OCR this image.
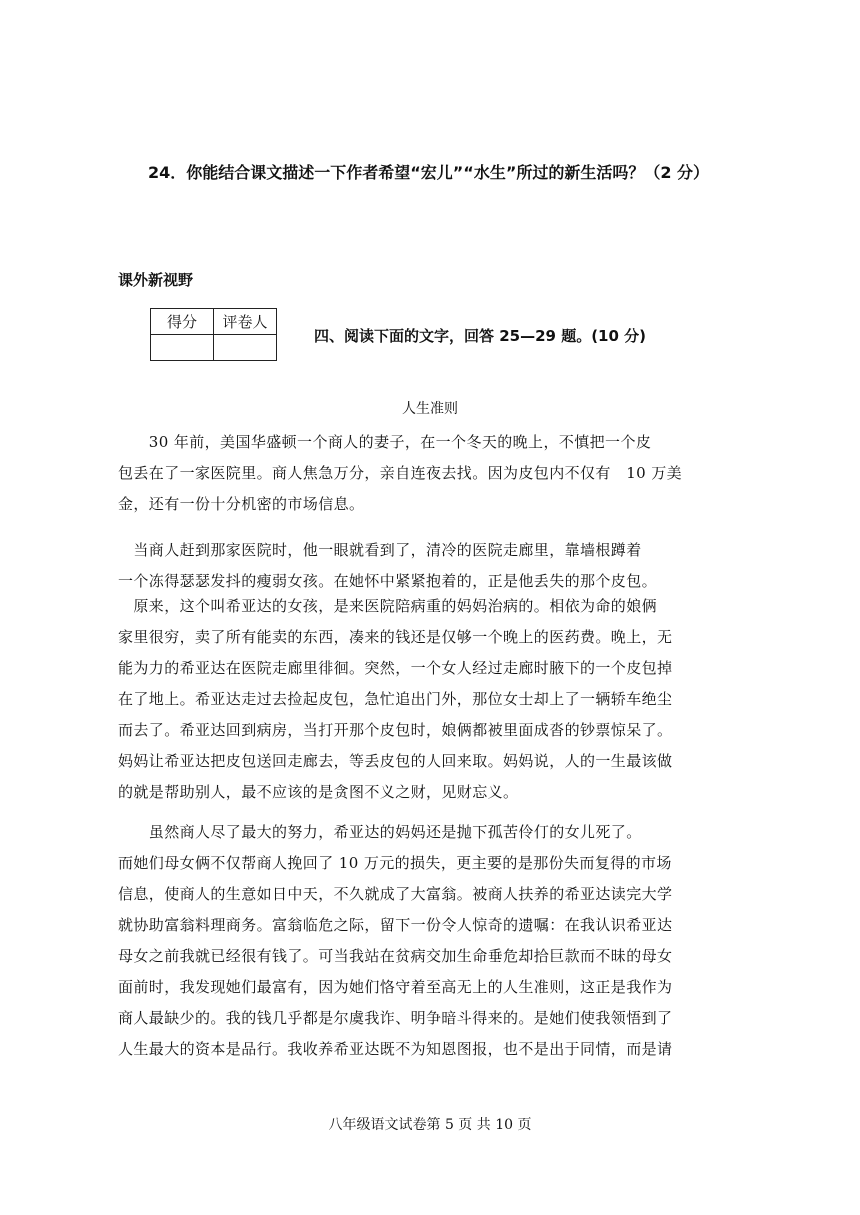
24．你能结合课文描述一下作者希望“宏儿”“水生”所过的新生活吗？（2 分）
课外新视野
得分	评卷人

四、阅读下面的文字，回答 25—29 题。(10 分)
人生准则
　　30 年前，美国华盛顿一个商人的妻子，在一个冬天的晚上，不慎把一个皮
包丢在了一家医院里。商人焦急万分，亲自连夜去找。因为皮包内不仅有　10 万美
金，还有一份十分机密的市场信息。
　当商人赶到那家医院时，他一眼就看到了，清冷的医院走廊里，靠墙根蹲着
一个冻得瑟瑟发抖的瘦弱女孩。在她怀中紧紧抱着的，正是他丢失的那个皮包。
　原来，这个叫希亚达的女孩，是来医院陪病重的妈妈治病的。相依为命的娘俩
家里很穷，卖了所有能卖的东西，凑来的钱还是仅够一个晚上的医药费。晚上，无
能为力的希亚达在医院走廊里徘徊。突然，一个女人经过走廊时腋下的一个皮包掉
在了地上。希亚达走过去捡起皮包，急忙追出门外，那位女士却上了一辆轿车绝尘
而去了。希亚达回到病房，当打开那个皮包时，娘俩都被里面成沓的钞票惊呆了。
妈妈让希亚达把皮包送回走廊去，等丢皮包的人回来取。妈妈说，人的一生最该做
的就是帮助别人，最不应该的是贪图不义之财，见财忘义。
　　虽然商人尽了最大的努力，希亚达的妈妈还是抛下孤苦伶仃的女儿死了。
而她们母女俩不仅帮商人挽回了 10 万元的损失，更主要的是那份失而复得的市场
信息，使商人的生意如日中天，不久就成了大富翁。被商人扶养的希亚达读完大学
就协助富翁料理商务。富翁临危之际，留下一份令人惊奇的遗嘱：在我认识希亚达
母女之前我就已经很有钱了。可当我站在贫病交加生命垂危却拾巨款而不昧的母女
面前时，我发现她们最富有，因为她们恪守着至高无上的人生准则，这正是我作为
商人最缺少的。我的钱几乎都是尔虞我诈、明争暗斗得来的。是她们使我领悟到了
人生最大的资本是品行。我收养希亚达既不为知恩图报，也不是出于同情，而是请
八年级语文试卷第 5 页 共 10 页
